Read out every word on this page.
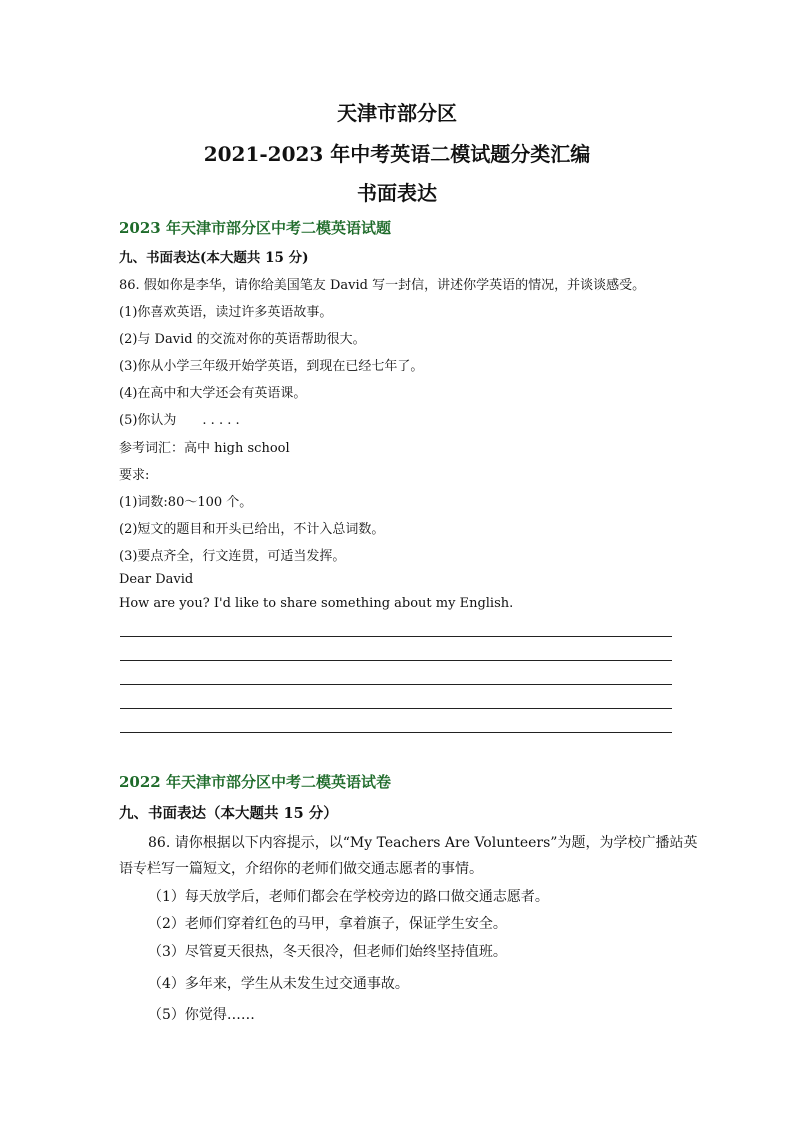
天津市部分区
2021-2023 年中考英语二模试题分类汇编
书面表达
2023 年天津市部分区中考二模英语试题
九、书面表达(本大题共 15 分)
86. 假如你是李华，请你给美国笔友 David 写一封信，讲述你学英语的情况，并谈谈感受。
(1)你喜欢英语，读过许多英语故事。
(2)与 David 的交流对你的英语帮助很大。
(3)你从小学三年级开始学英语，到现在已经七年了。
(4)在高中和大学还会有英语课。
(5)你认为　　. . . . .
参考词汇：高中 high school
要求:
(1)词数:80～100 个。
(2)短文的题目和开头已给出，不计入总词数。
(3)要点齐全，行文连贯，可适当发挥。
Dear David
How are you? I'd like to share something about my English.
2022 年天津市部分区中考二模英语试卷
九、书面表达（本大题共 15 分）
86. 请你根据以下内容提示，以“My Teachers Are Volunteers”为题，为学校广播站英
语专栏写一篇短文，介绍你的老师们做交通志愿者的事情。
（1）每天放学后，老师们都会在学校旁边的路口做交通志愿者。
（2）老师们穿着红色的马甲，拿着旗子，保证学生安全。
（3）尽管夏天很热，冬天很冷，但老师们始终坚持值班。
（4）多年来，学生从未发生过交通事故。
（5）你觉得……
